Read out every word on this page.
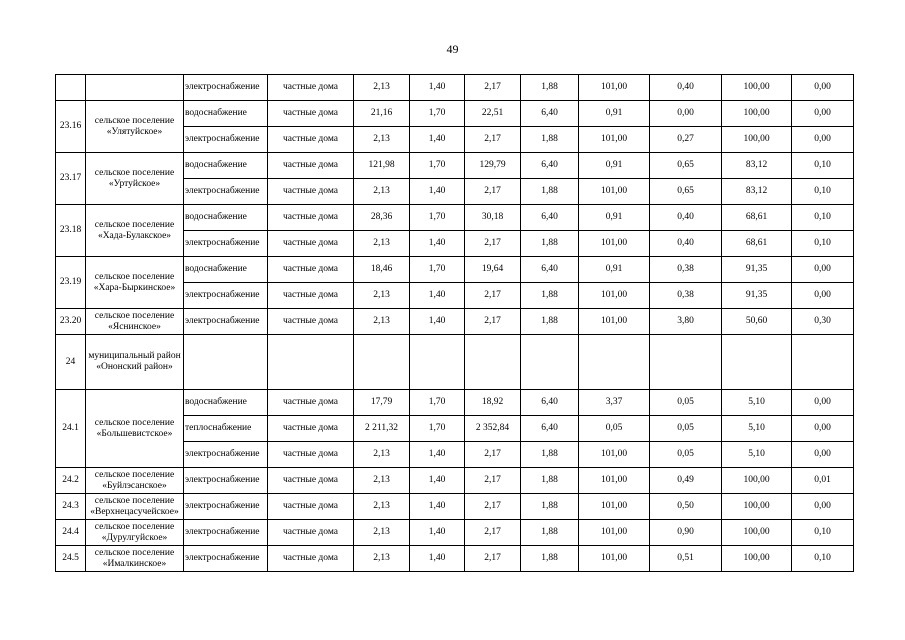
49
		электроснабжение	частные дома	2,13	1,40	2,17	1,88	101,00	0,40	100,00	0,00
23.16	сельское поселение «Улятуйское»	водоснабжение	частные дома	21,16	1,70	22,51	6,40	0,91	0,00	100,00	0,00
		электроснабжение	частные дома	2,13	1,40	2,17	1,88	101,00	0,27	100,00	0,00
23.17	сельское поселение «Уртуйское»	водоснабжение	частные дома	121,98	1,70	129,79	6,40	0,91	0,65	83,12	0,10
		электроснабжение	частные дома	2,13	1,40	2,17	1,88	101,00	0,65	83,12	0,10
23.18	сельское поселение «Хада-Булакское»	водоснабжение	частные дома	28,36	1,70	30,18	6,40	0,91	0,40	68,61	0,10
		электроснабжение	частные дома	2,13	1,40	2,17	1,88	101,00	0,40	68,61	0,10
23.19	сельское поселение «Хара-Быркинское»	водоснабжение	частные дома	18,46	1,70	19,64	6,40	0,91	0,38	91,35	0,00
		электроснабжение	частные дома	2,13	1,40	2,17	1,88	101,00	0,38	91,35	0,00
23.20	сельское поселение «Яснинское»	электроснабжение	частные дома	2,13	1,40	2,17	1,88	101,00	3,80	50,60	0,30
24	муниципальный район «Ононский район»										
24.1	сельское поселение «Большевистское»	водоснабжение	частные дома	17,79	1,70	18,92	6,40	3,37	0,05	5,10	0,00
		теплоснабжение	частные дома	2 211,32	1,70	2 352,84	6,40	0,05	0,05	5,10	0,00
		электроснабжение	частные дома	2,13	1,40	2,17	1,88	101,00	0,05	5,10	0,00
24.2	сельское поселение «Буйлэсанское»	электроснабжение	частные дома	2,13	1,40	2,17	1,88	101,00	0,49	100,00	0,01
24.3	сельское поселение «Верхнецасучейское»	электроснабжение	частные дома	2,13	1,40	2,17	1,88	101,00	0,50	100,00	0,00
24.4	сельское поселение «Дурулгуйское»	электроснабжение	частные дома	2,13	1,40	2,17	1,88	101,00	0,90	100,00	0,10
24.5	сельское поселение «Ималкинское»	электроснабжение	частные дома	2,13	1,40	2,17	1,88	101,00	0,51	100,00	0,10
